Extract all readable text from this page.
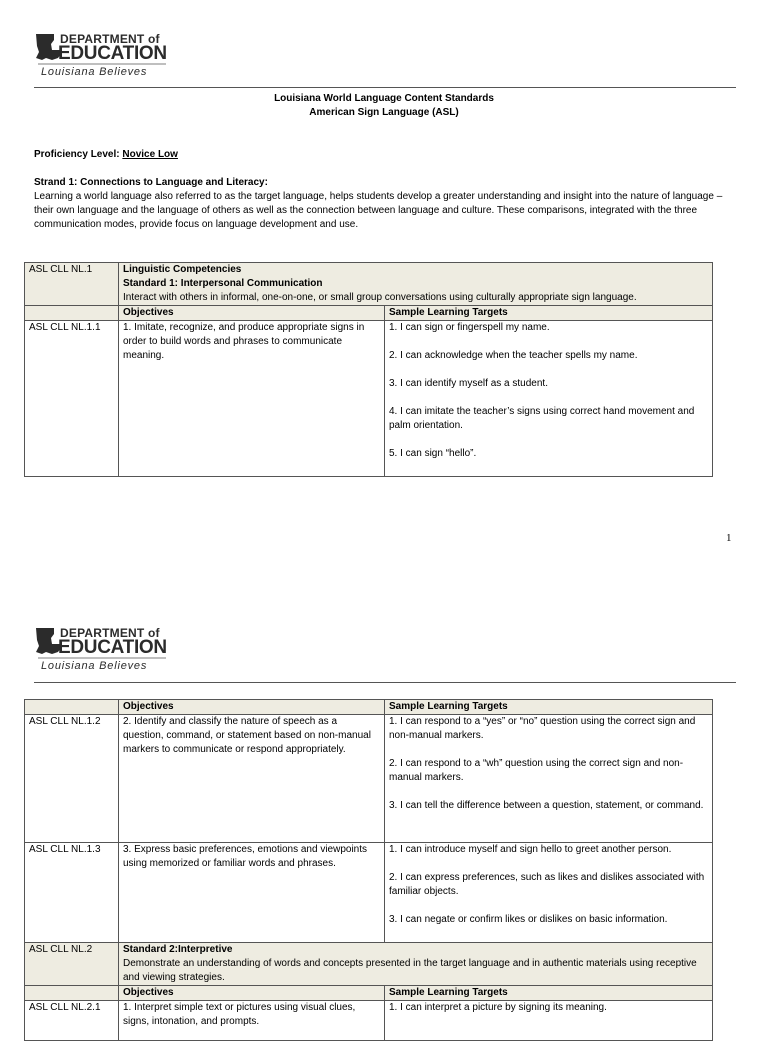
DEPARTMENT of
EDUCATION
Louisiana Believes
Louisiana World Language Content Standards
American Sign Language (ASL)
Proficiency Level: Novice Low
Strand 1: Connections to Language and Literacy:
Learning a world language also referred to as the target language, helps students develop a greater understanding and insight into the nature of language – their own language and the language of others as well as the connection between language and culture. These comparisons, integrated with the three communication modes, provide focus on language development and use.
ASL CLL NL.1	Linguistic Competencies
Standard 1: Interpersonal Communication
Interact with others in informal, one-on-one, or small group conversations using culturally appropriate sign language.	

	Objectives	Sample Learning Targets
ASL CLL NL.1.1	1. Imitate, recognize, and produce appropriate signs in order to build words and phrases to communicate meaning.	1. I can sign or fingerspell my name.
2. I can acknowledge when the teacher spells my name.
3. I can identify myself as a student.
4. I can imitate the teacher’s signs using correct hand movement and palm orientation.
5. I can sign “hello”.
1
DEPARTMENT of
EDUCATION
Louisiana Believes
	Objectives	Sample Learning Targets
ASL CLL NL.1.2	2. Identify and classify the nature of speech as a question, command, or statement based on non-manual markers to communicate or respond appropriately.	1. I can respond to a “yes” or “no” question using the correct sign and non-manual markers.
2. I can respond to a “wh” question using the correct sign and non-manual markers.
3. I can tell the difference between a question, statement, or command.

ASL CLL NL.1.3	3. Express basic preferences, emotions and viewpoints using memorized or familiar words and phrases.	1. I can introduce myself and sign hello to greet another person.
2. I can express preferences, such as likes and dislikes associated with familiar objects.
3. I can negate or confirm likes or dislikes on basic information.

ASL CLL NL.2	Standard 2:Interpretive
Demonstrate an understanding of words and concepts presented in the target language and in authentic materials using receptive and viewing strategies.	

	Objectives	Sample Learning Targets
ASL CLL NL.2.1	1. Interpret simple text or pictures using visual clues, signs, intonation, and prompts.	1. I can interpret a picture by signing its meaning.
